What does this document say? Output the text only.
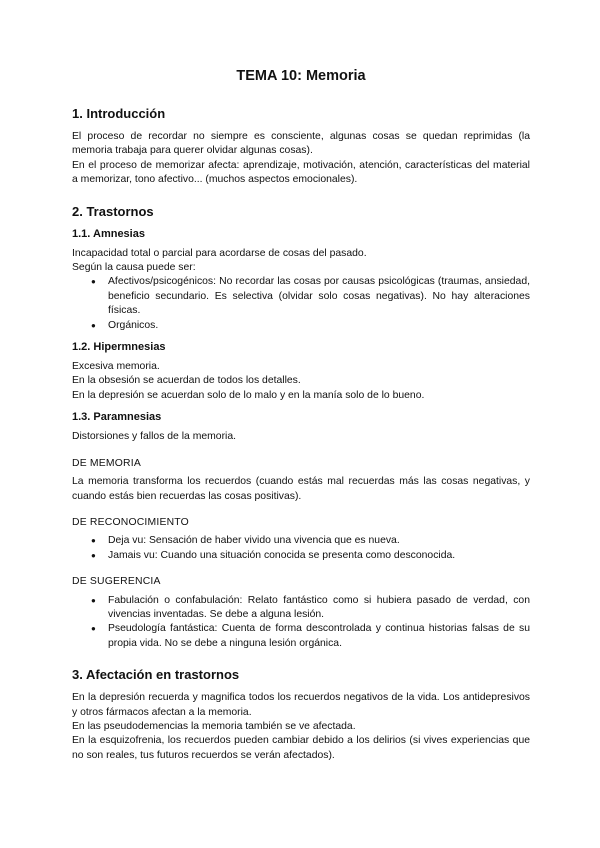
TEMA 10: Memoria
1. Introducción

El proceso de recordar no siempre es consciente, algunas cosas se quedan reprimidas (la memoria trabaja para querer olvidar algunas cosas).

En el proceso de memorizar afecta: aprendizaje, motivación, atención, características del material a memorizar, tono afectivo... (muchos aspectos emocionales).

2. Trastornos
1.1. Amnesias

Incapacidad total o parcial para acordarse de cosas del pasado.

Según la causa puede ser:

● Afectivos/psicogénicos: No recordar las cosas por causas psicológicas (traumas, ansiedad, beneficio secundario. Es selectiva (olvidar solo cosas negativas). No hay alteraciones físicas.
● Orgánicos.
1.2. Hipermnesias

Excesiva memoria.

En la obsesión se acuerdan de todos los detalles.

En la depresión se acuerdan solo de lo malo y en la manía solo de lo bueno.

1.3. Paramnesias

Distorsiones y fallos de la memoria.

DE MEMORIA

La memoria transforma los recuerdos (cuando estás mal recuerdas más las cosas negativas, y cuando estás bien recuerdas las cosas positivas).

DE RECONOCIMIENTO
● Deja vu: Sensación de haber vivido una vivencia que es nueva.
● Jamais vu: Cuando una situación conocida se presenta como desconocida.
DE SUGERENCIA
● Fabulación o confabulación: Relato fantástico como si hubiera pasado de verdad, con vivencias inventadas. Se debe a alguna lesión.
● Pseudología fantástica: Cuenta de forma descontrolada y continua historias falsas de su propia vida. No se debe a ninguna lesión orgánica.
3. Afectación en trastornos

En la depresión recuerda y magnifica todos los recuerdos negativos de la vida. Los antidepresivos y otros fármacos afectan a la memoria.

En las pseudodemencias la memoria también se ve afectada.

En la esquizofrenia, los recuerdos pueden cambiar debido a los delirios (si vives experiencias que no son reales, tus futuros recuerdos se verán afectados).
